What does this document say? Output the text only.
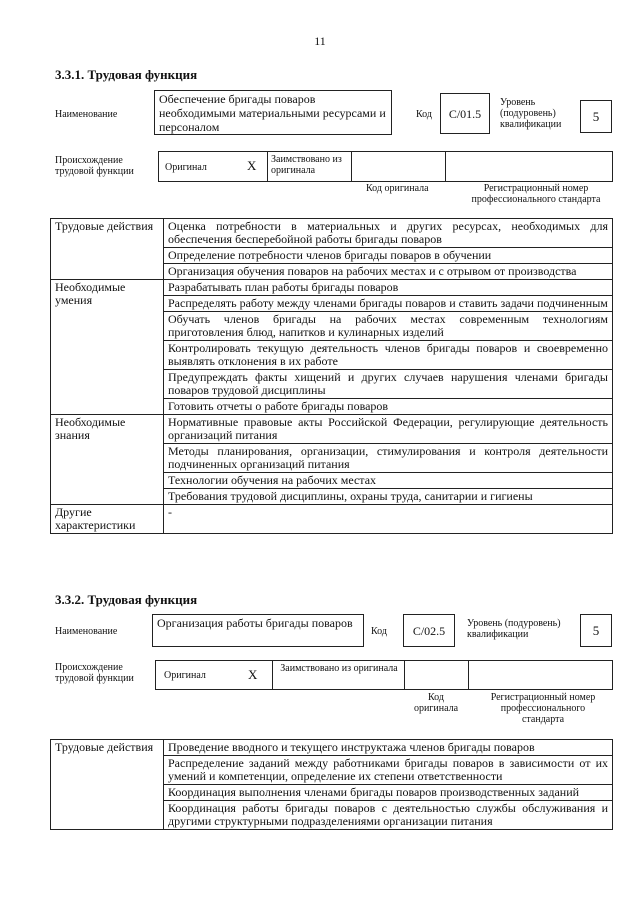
11
3.3.1. Трудовая функция
Наименование
Обеспечение бригады поваров необходимыми материальными ресурсами и персоналом
Код	C/01.5
Уровень (подуровень) квалификации
5
Происхождение трудовой функции	Оригинал	X Заимствовано из оригинала
Код оригинала	Регистрационный номер профессионального стандарта
Трудовые действия	Оценка потребности в материальных и других ресурсах, необходимых для обеспечения бесперебойной работы бригады поваров
	Определение потребности членов бригады поваров в обучении
	Организация обучения поваров на рабочих местах и с отрывом от производства
Необходимые умения	Разрабатывать план работы бригады поваров
	Распределять работу между членами бригады поваров и ставить задачи подчиненным
	Обучать членов бригады на рабочих местах современным технологиям приготовления блюд, напитков и кулинарных изделий
	Контролировать текущую деятельность членов бригады поваров и своевременно выявлять отклонения в их работе
	Предупреждать факты хищений и других случаев нарушения членами бригады поваров трудовой дисциплины
	Готовить отчеты о работе бригады поваров
Необходимые знания	Нормативные правовые акты Российской Федерации, регулирующие деятельность организаций питания
	Методы планирования, организации, стимулирования и контроля деятельности подчиненных организаций питания
	Технологии обучения на рабочих местах
	Требования трудовой дисциплины, охраны труда, санитарии и гигиены
Другие характеристики	-
3.3.2. Трудовая функция
Наименование
Организация работы бригады поваров
Код	C/02.5	Уровень (подуровень) квалификации	5
Происхождение трудовой функции	Оригинал	X Заимствовано из оригинала
Код оригинала
Регистрационный номер профессионального стандарта
Трудовые действия	Проведение вводного и текущего инструктажа членов бригады поваров
Распределение заданий между работниками бригады поваров в зависимости от их умений и компетенции, определение их степени ответственности
Координация выполнения членами бригады поваров производственных заданий
Координация работы бригады поваров с деятельностью службы обслуживания и другими структурными подразделениями организации питания
